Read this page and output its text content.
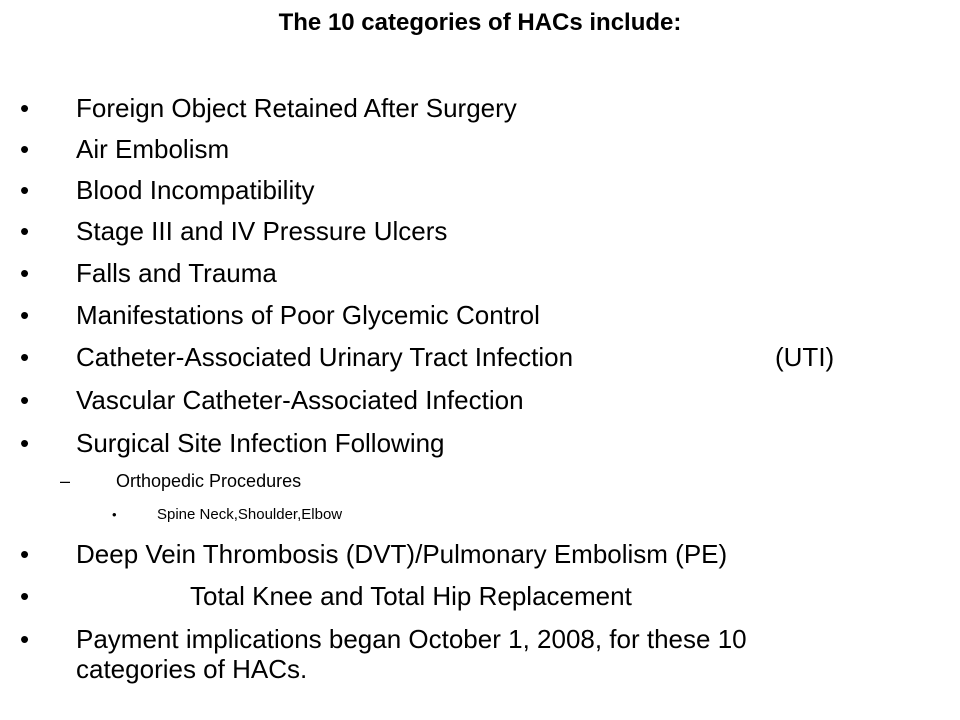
The 10 categories of HACs include:
• Foreign Object Retained After Surgery
• Air Embolism
• Blood Incompatibility
• Stage III and IV Pressure Ulcers
• Falls and Trauma
• Manifestations of Poor Glycemic Control
• Catheter-Associated Urinary Tract Infection	(UTI)
• Vascular Catheter-Associated Infection
• Surgical Site Infection Following
–	Orthopedic Procedures
•	Spine Neck,Shoulder,Elbow
• Deep Vein Thrombosis (DVT)/Pulmonary Embolism (PE)
•	Total Knee and Total Hip Replacement
• Payment implications began October 1, 2008, for these 10
categories of HACs.
